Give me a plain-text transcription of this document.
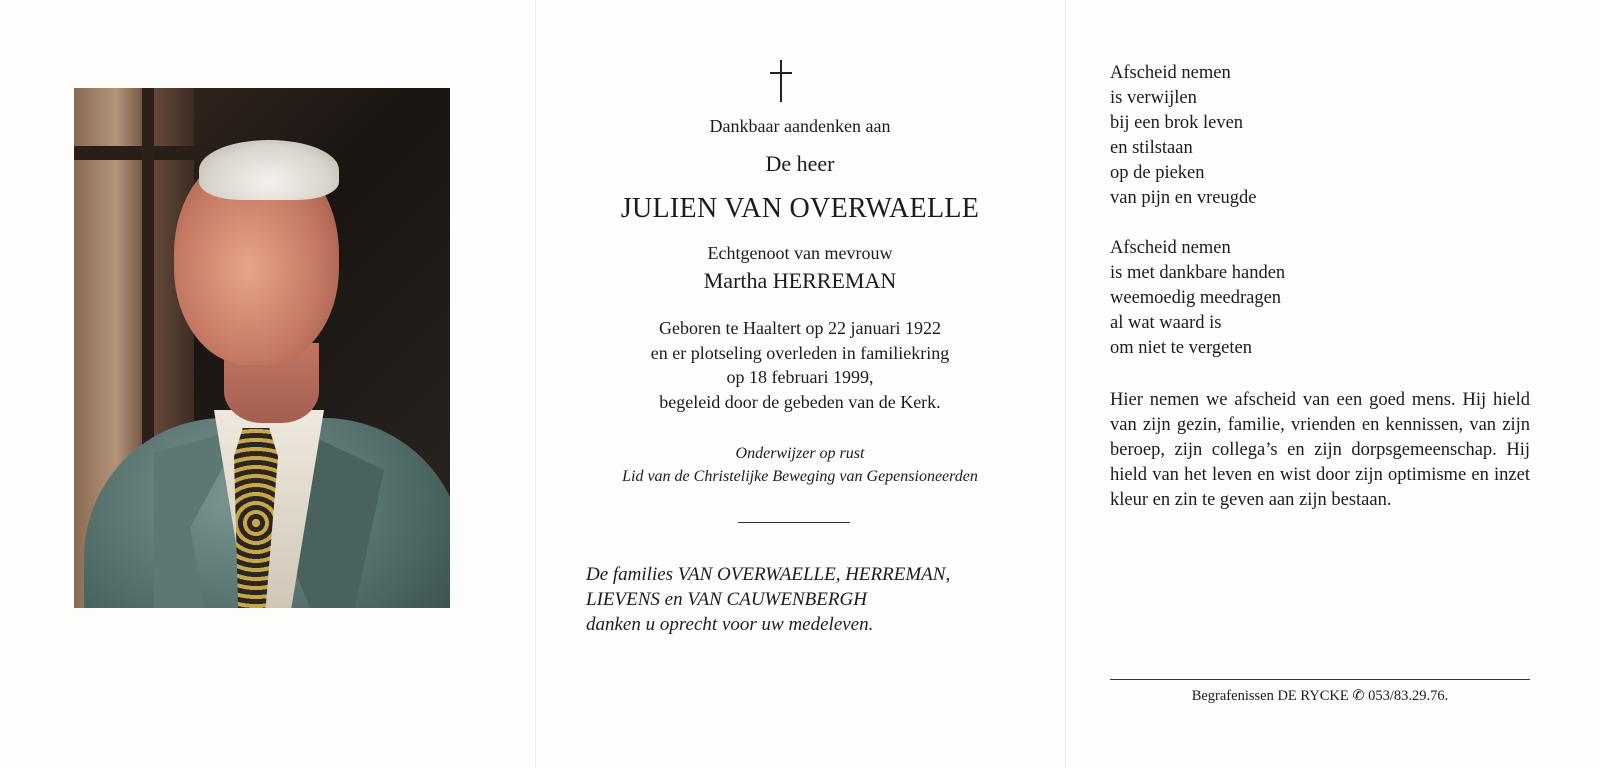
Dankbaar aandenken aan
De heer
JULIEN VAN OVERWAELLE
Echtgenoot van mevrouw
Martha HERREMAN
Geboren te Haaltert op 22 januari 1922
en er plotseling overleden in familiekring
op 18 februari 1999,
begeleid door de gebeden van de Kerk.
Onderwijzer op rust
Lid van de Christelijke Beweging van Gepensioneerden
De families VAN OVERWAELLE, HERREMAN,
LIEVENS en VAN CAUWENBERGH
danken u oprecht voor uw medeleven.
Afscheid nemen
is verwijlen
bij een brok leven
en stilstaan
op de pieken
van pijn en vreugde
Afscheid nemen
is met dankbare handen
weemoedig meedragen
al wat waard is
om niet te vergeten
Hier nemen we afscheid van een goed mens. Hij hield van zijn gezin, familie, vrienden en kennissen, van zijn beroep, zijn collega’s en zijn dorpsgemeenschap. Hij hield van het leven en wist door zijn optimisme en inzet kleur en zin te geven aan zijn bestaan.
Begrafenissen DE RYCKE ✆ 053/83.29.76.
